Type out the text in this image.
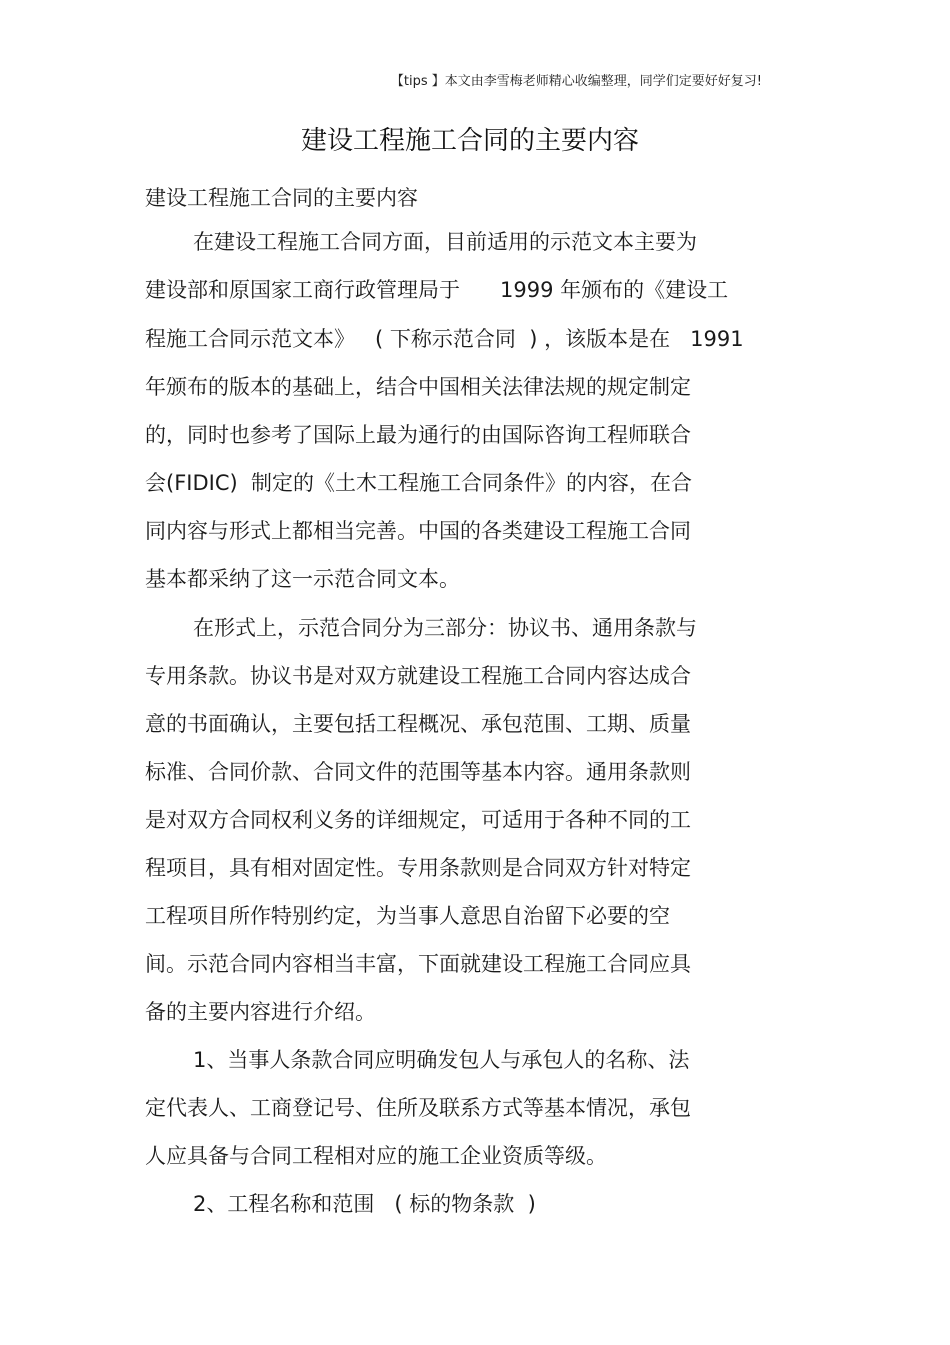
【tips 】本文由李雪梅老师精心收编整理，同学们定要好好复习!
建设工程施工合同的主要内容
建设工程施工合同的主要内容
在建设工程施工合同方面，目前适用的示范文本主要为
建设部和原国家工商行政管理局于      1999 年颁布的《建设工
程施工合同示范文本》   ( 下称示范合同  ) ，该版本是在   1991
年颁布的版本的基础上，结合中国相关法律法规的规定制定
的，同时也参考了国际上最为通行的由国际咨询工程师联合
会(FIDIC)  制定的《土木工程施工合同条件》的内容，在合
同内容与形式上都相当完善。中国的各类建设工程施工合同
基本都采纳了这一示范合同文本。
在形式上，示范合同分为三部分：协议书、通用条款与
专用条款。协议书是对双方就建设工程施工合同内容达成合
意的书面确认，主要包括工程概况、承包范围、工期、质量
标准、合同价款、合同文件的范围等基本内容。通用条款则
是对双方合同权利义务的详细规定，可适用于各种不同的工
程项目，具有相对固定性。专用条款则是合同双方针对特定
工程项目所作特别约定，为当事人意思自治留下必要的空
间。示范合同内容相当丰富，下面就建设工程施工合同应具
备的主要内容进行介绍。
1、当事人条款合同应明确发包人与承包人的名称、法
定代表人、工商登记号、住所及联系方式等基本情况，承包
人应具备与合同工程相对应的施工企业资质等级。
2、工程名称和范围   ( 标的物条款  )
